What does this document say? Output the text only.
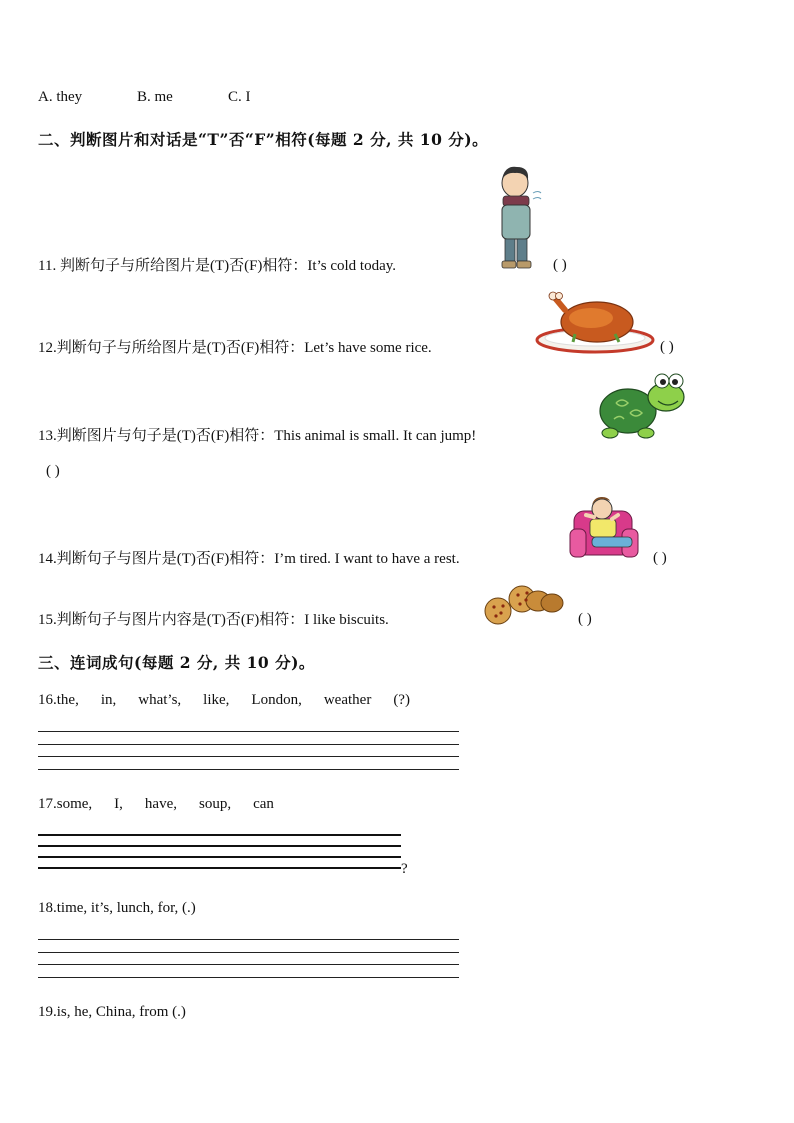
A. they	B. me	C. I
二、判断图片和对话是“T”否“F”相符(每题 2 分, 共 10 分)。
11. 判断句子与所给图片是(T)否(F)相符：It’s cold today.	( )
12.判断句子与所给图片是(T)否(F)相符：Let’s have some rice.	( )
13.判断图片与句子是(T)否(F)相符：This animal is small. It can jump!
( )
14.判断句子与图片是(T)否(F)相符：I’m tired. I want to have a rest.	( )
15.判断句子与图片内容是(T)否(F)相符：I like biscuits.	( )
三、连词成句(每题 2 分, 共 10 分)。
16.the, in, what’s, like, London, weather (?)
17.some, I, have, soup, can
?
18.time, it’s, lunch, for, (.)
19.is, he, China, from (.)
